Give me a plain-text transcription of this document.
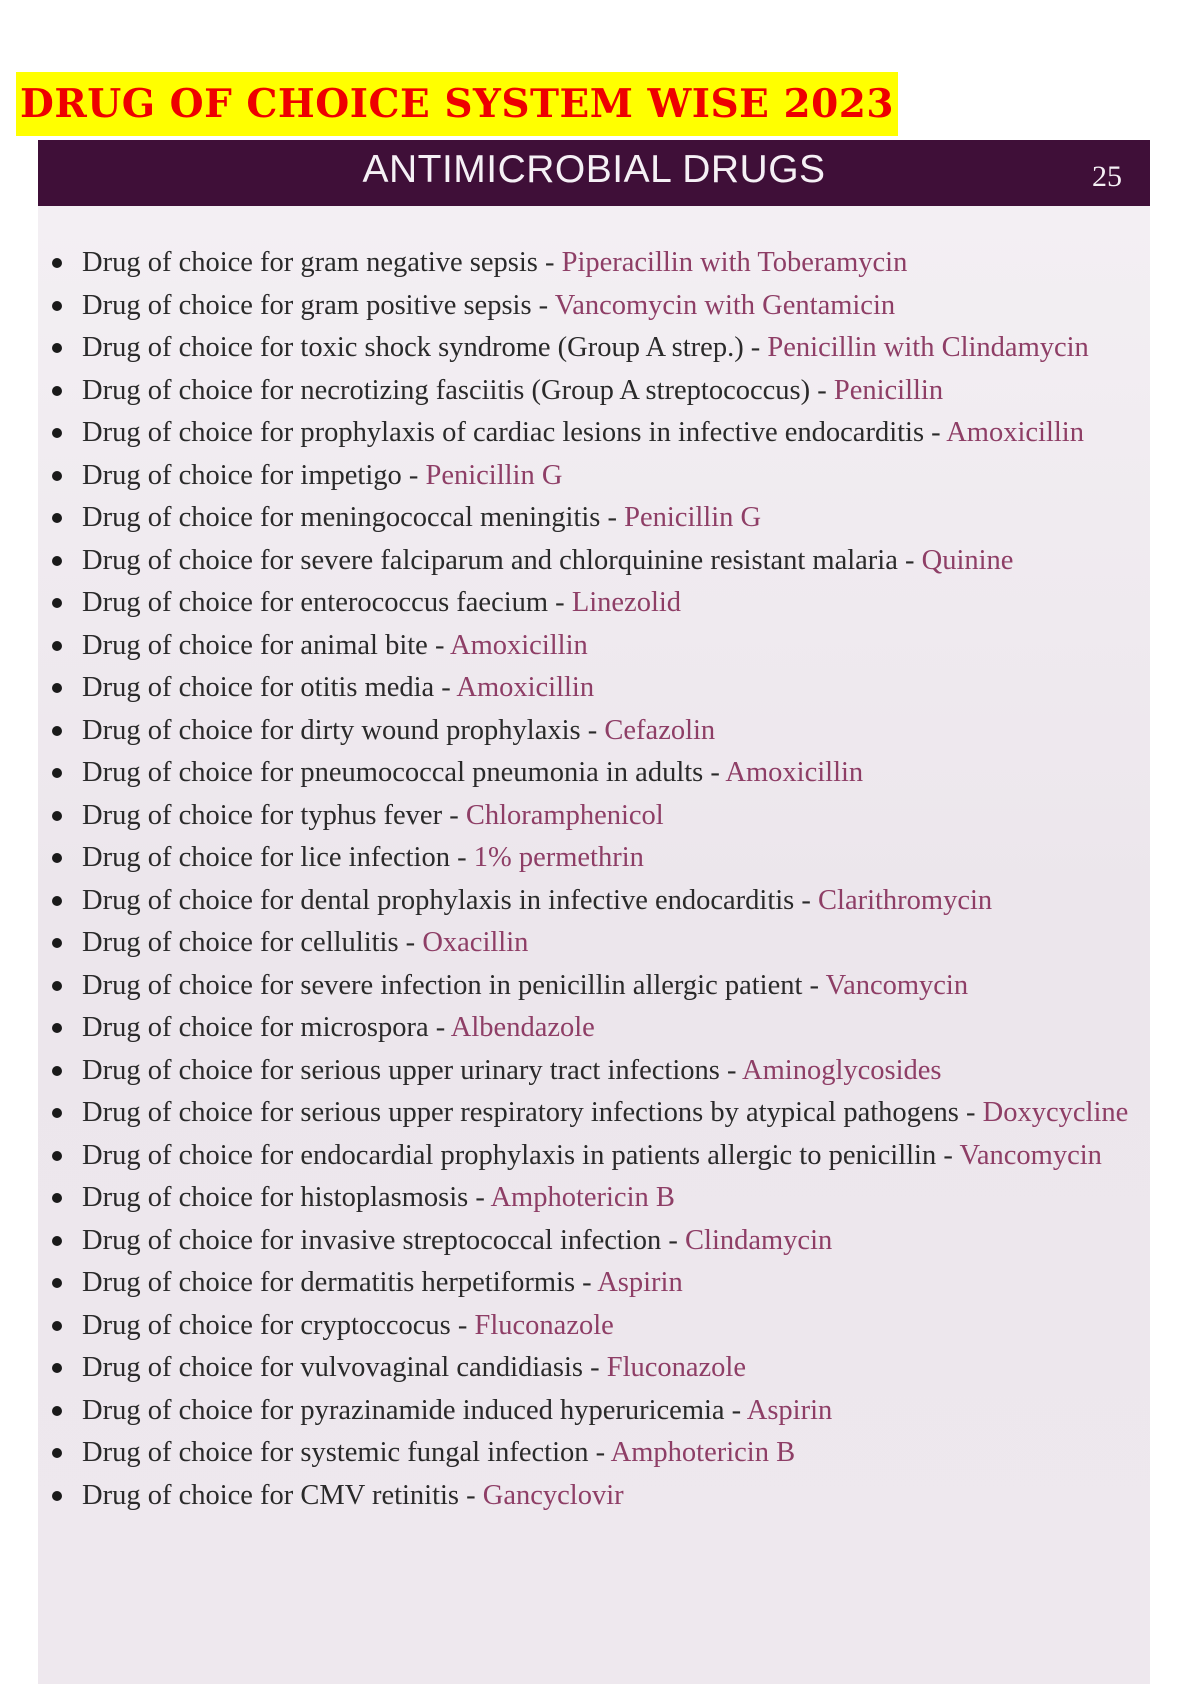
DRUG OF CHOICE SYSTEM WISE 2023
ANTIMICROBIAL DRUGS	25
Drug of choice for gram negative sepsis - Piperacillin with Toberamycin
Drug of choice for gram positive sepsis - Vancomycin with Gentamicin
Drug of choice for toxic shock syndrome (Group A strep.) - Penicillin with Clindamycin
Drug of choice for necrotizing fasciitis (Group A streptococcus) - Penicillin
Drug of choice for prophylaxis of cardiac lesions in infective endocarditis - Amoxicillin
Drug of choice for impetigo - Penicillin G
Drug of choice for meningococcal meningitis - Penicillin G
Drug of choice for severe falciparum and chlorquinine resistant malaria - Quinine
Drug of choice for enterococcus faecium - Linezolid
Drug of choice for animal bite - Amoxicillin
Drug of choice for otitis media - Amoxicillin
Drug of choice for dirty wound prophylaxis - Cefazolin
Drug of choice for pneumococcal pneumonia in adults - Amoxicillin
Drug of choice for typhus fever - Chloramphenicol
Drug of choice for lice infection - 1% permethrin
Drug of choice for dental prophylaxis in infective endocarditis - Clarithromycin
Drug of choice for cellulitis - Oxacillin
Drug of choice for severe infection in penicillin allergic patient - Vancomycin
Drug of choice for microspora - Albendazole
Drug of choice for serious upper urinary tract infections - Aminoglycosides
Drug of choice for serious upper respiratory infections by atypical pathogens - Doxycycline
Drug of choice for endocardial prophylaxis in patients allergic to penicillin - Vancomycin
Drug of choice for histoplasmosis - Amphotericin B
Drug of choice for invasive streptococcal infection - Clindamycin
Drug of choice for dermatitis herpetiformis - Aspirin
Drug of choice for cryptoccocus - Fluconazole
Drug of choice for vulvovaginal candidiasis - Fluconazole
Drug of choice for pyrazinamide induced hyperuricemia - Aspirin
Drug of choice for systemic fungal infection - Amphotericin B
Drug of choice for CMV retinitis - Gancyclovir
